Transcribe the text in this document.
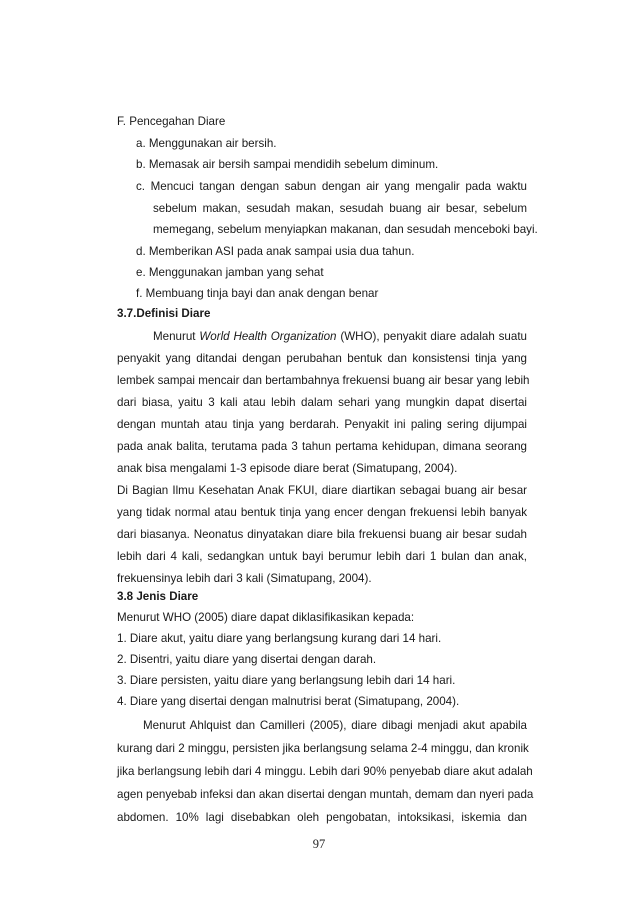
F. Pencegahan Diare
a. Menggunakan air bersih.
b. Memasak air bersih sampai mendidih sebelum diminum.
c. Mencuci tangan dengan sabun dengan air yang mengalir pada waktu
sebelum makan, sesudah makan, sesudah buang air besar, sebelum
memegang, sebelum menyiapkan makanan, dan sesudah menceboki bayi.
d. Memberikan ASI pada anak sampai usia dua tahun.
e. Menggunakan jamban yang sehat
f. Membuang tinja bayi dan anak dengan benar
3.7.Definisi Diare
Menurut World Health Organization (WHO), penyakit diare adalah suatu
penyakit yang ditandai dengan perubahan bentuk dan konsistensi tinja yang
lembek sampai mencair dan bertambahnya frekuensi buang air besar yang lebih
dari biasa, yaitu 3 kali atau lebih dalam sehari yang mungkin dapat disertai
dengan muntah atau tinja yang berdarah. Penyakit ini paling sering dijumpai
pada anak balita, terutama pada 3 tahun pertama kehidupan, dimana seorang
anak bisa mengalami 1-3 episode diare berat (Simatupang, 2004).
Di Bagian Ilmu Kesehatan Anak FKUI, diare diartikan sebagai buang air besar
yang tidak normal atau bentuk tinja yang encer dengan frekuensi lebih banyak
dari biasanya. Neonatus dinyatakan diare bila frekuensi buang air besar sudah
lebih dari 4 kali, sedangkan untuk bayi berumur lebih dari 1 bulan dan anak,
frekuensinya lebih dari 3 kali (Simatupang, 2004).
3.8 Jenis Diare
Menurut WHO (2005) diare dapat diklasifikasikan kepada:
1. Diare akut, yaitu diare yang berlangsung kurang dari 14 hari.
2. Disentri, yaitu diare yang disertai dengan darah.
3. Diare persisten, yaitu diare yang berlangsung lebih dari 14 hari.
4. Diare yang disertai dengan malnutrisi berat (Simatupang, 2004).
Menurut Ahlquist dan Camilleri (2005), diare dibagi menjadi akut apabila
kurang dari 2 minggu, persisten jika berlangsung selama 2-4 minggu, dan kronik
jika berlangsung lebih dari 4 minggu. Lebih dari 90% penyebab diare akut adalah
agen penyebab infeksi dan akan disertai dengan muntah, demam dan nyeri pada
abdomen. 10% lagi disebabkan oleh pengobatan, intoksikasi, iskemia dan
97
